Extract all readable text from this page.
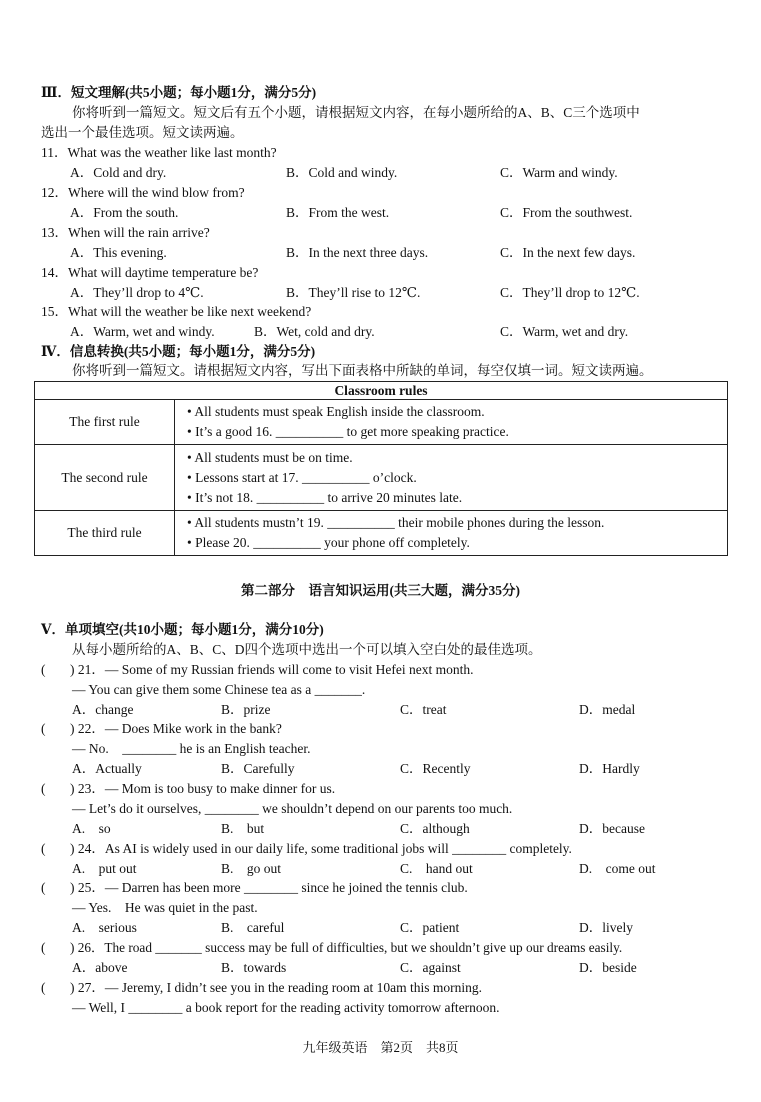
Ⅲ．短文理解(共5小题；每小题1分，满分5分)
你将听到一篇短文。短文后有五个小题，请根据短文内容，在每小题所给的A、B、C三个选项中
选出一个最佳选项。短文读两遍。
11．What was the weather like last month?
A．Cold and dry.	B．Cold and windy.	C．Warm and windy.
12．Where will the wind blow from?
A．From the south.	B．From the west.	C．From the southwest.
13．When will the rain arrive?
A．This evening.	B．In the next three days.	C．In the next few days.
14．What will daytime temperature be?
A．They’ll drop to 4℃.	B．They’ll rise to 12℃.	C．They’ll drop to 12℃.
15．What will the weather be like next weekend?
A．Warm, wet and windy.	B．Wet, cold and dry.	C．Warm, wet and dry.
Ⅳ．信息转换(共5小题；每小题1分，满分5分)
你将听到一篇短文。请根据短文内容，写出下面表格中所缺的单词，每空仅填一词。短文读两遍。
Classroom rules	
The first rule	• All students must speak English inside the classroom.
• It’s a good 16. __________ to get more speaking practice.

The second rule	• All students must be on time.
• Lessons start at 17. __________ o’clock.
• It’s not 18. __________ to arrive 20 minutes late.

The third rule	• All students mustn’t 19. __________ their mobile phones during the lesson.
• Please 20. __________ your phone off completely.
第二部分　语言知识运用(共三大题，满分35分)
Ⅴ．单项填空(共10小题；每小题1分，满分10分)
从每小题所给的A、B、C、D四个选项中选出一个可以填入空白处的最佳选项。
( ) 21．— Some of my Russian friends will come to visit Hefei next month.
— You can give them some Chinese tea as a _______.
A．change	B．prize	C．treat	D．medal
( ) 22．— Does Mike work in the bank?
— No.　________ he is an English teacher.
A．Actually	B．Carefully	C．Recently	D．Hardly
( ) 23．— Mom is too busy to make dinner for us.
— Let’s do it ourselves, ________ we shouldn’t depend on our parents too much.
A.　so	B.　but	C．although	D．because
( ) 24．As AI is widely used in our daily life, some traditional jobs will ________ completely.
A.　put out	B.　go out	C.　hand out	D.　come out
( ) 25．— Darren has been more ________ since he joined the tennis club.
— Yes.　He was quiet in the past.
A.　serious	B.　careful	C．patient	D．lively
( ) 26．The road _______ success may be full of difficulties, but we shouldn’t give up our dreams easily.
A．above	B．towards	C．against	D．beside
( ) 27．— Jeremy, I didn’t see you in the reading room at 10am this morning.
— Well, I ________ a book report for the reading activity tomorrow afternoon.
九年级英语　第2页　共8页
